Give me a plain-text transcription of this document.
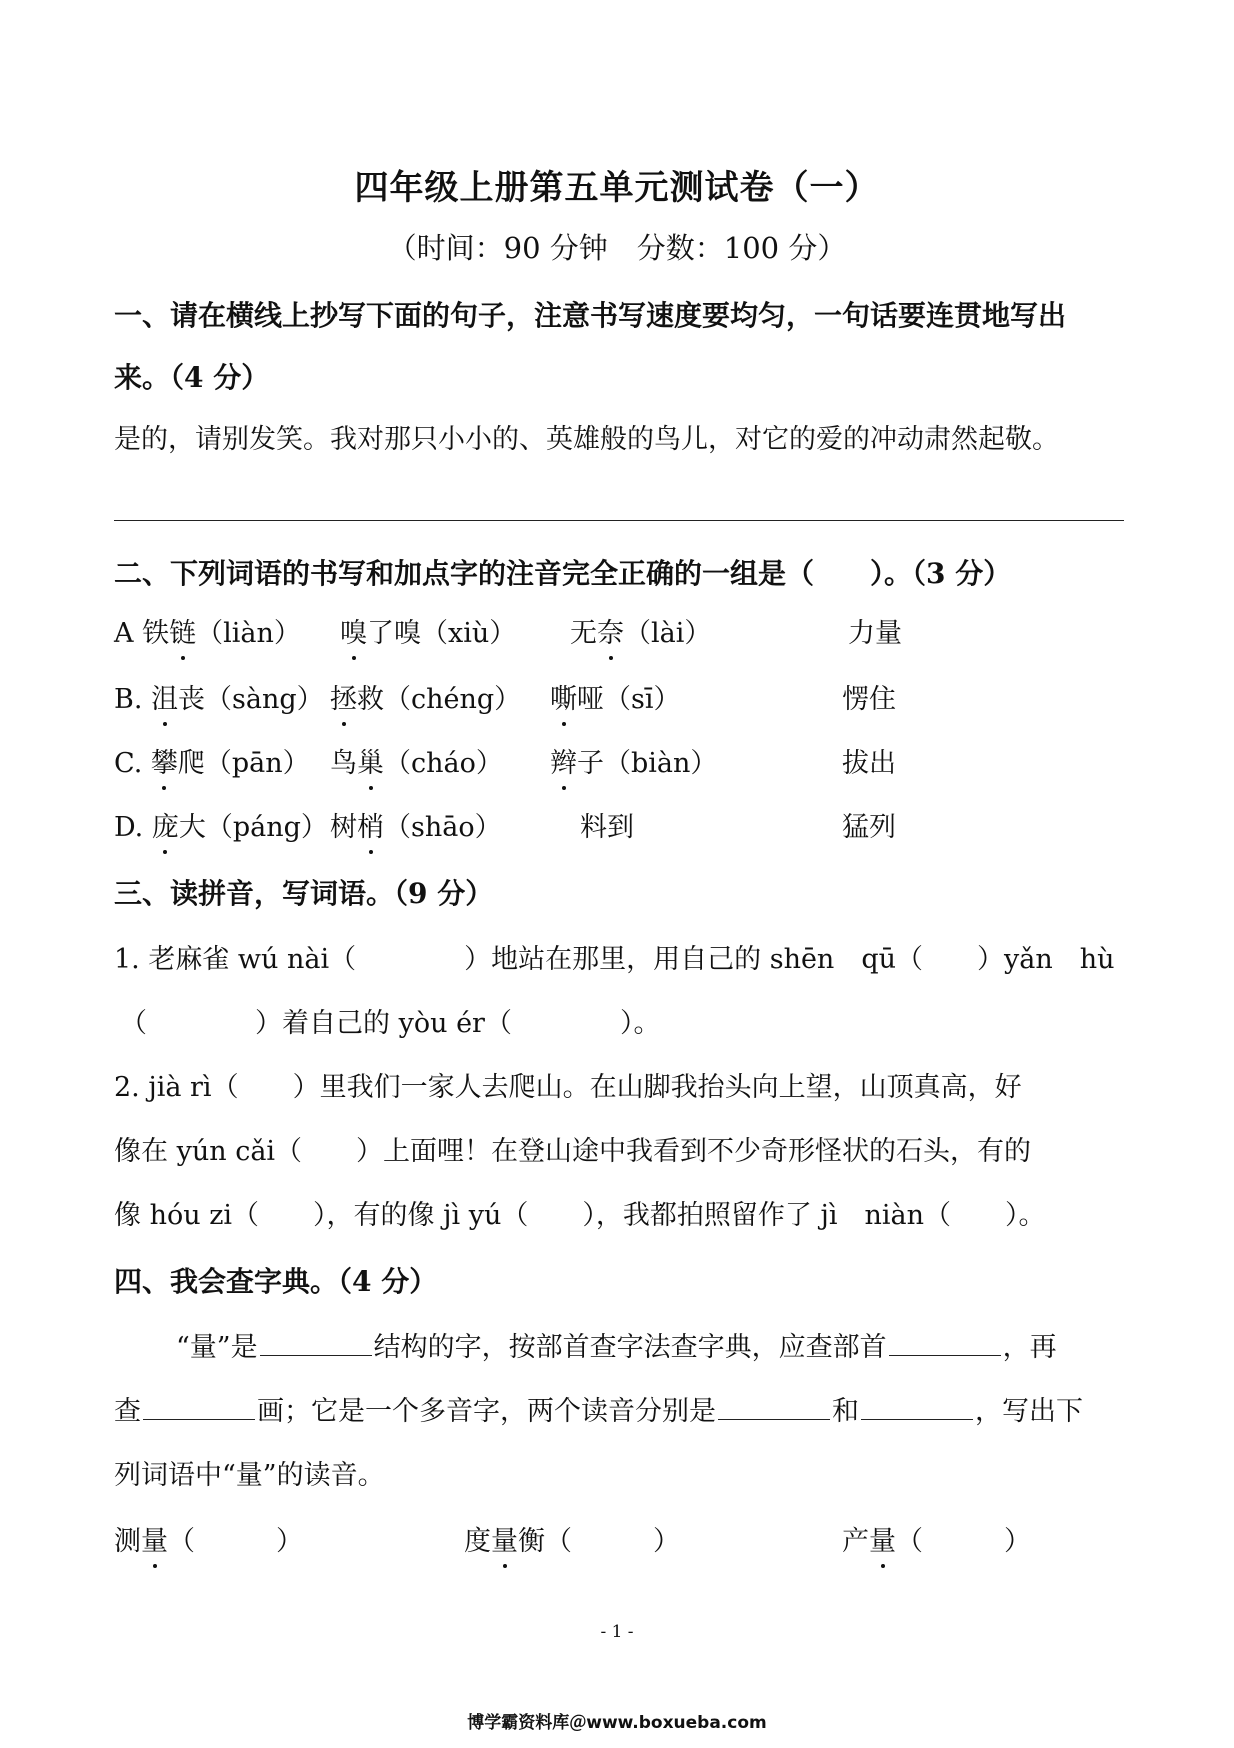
四年级上册第五单元测试卷（一）
（时间：90 分钟　分数：100 分）
一、请在横线上抄写下面的句子，注意书写速度要均匀，一句话要连贯地写出
来。（4 分）
是的，请别发笑。我对那只小小的、英雄般的鸟儿，对它的爱的冲动肃然起敬。
二、下列词语的书写和加点字的注音完全正确的一组是（　　）。（3 分）
A 铁链（liàn） 嗅了嗅（xiù） 无奈（lài）	力量
B. 沮丧（sàng） 拯救（chéng） 嘶哑（sī）	愣住
C. 攀爬（pān） 鸟巢（cháo） 辫子（biàn）	拔出
D. 庞大（páng） 树梢（shāo）	料到	猛列
三、读拼音，写词语。（9 分）
1. 老麻雀 wú nài（　　　　）地站在那里，用自己的 shēn　qū（　　）yǎn　hù
（　　　　）着自己的 yòu ér（　　　　）。
2. jià rì（　　）里我们一家人去爬山。在山脚我抬头向上望，山顶真高，好
像在 yún cǎi（　　）上面哩！在登山途中我看到不少奇形怪状的石头，有的
像 hóu zi（　　），有的像 jì yú（　　），我都拍照留作了 jì　niàn（　　）。
四、我会查字典。（4 分）
“量”是	结构的字，按部首查字法查字典，应查部首	，再
查	画；它是一个多音字，两个读音分别是	和	，写出下
列词语中“量”的读音。
测量（　　　）	度量衡（　　　）	产量（　　　）
- 1 -
博学霸资料库＠www.boxueba.com
